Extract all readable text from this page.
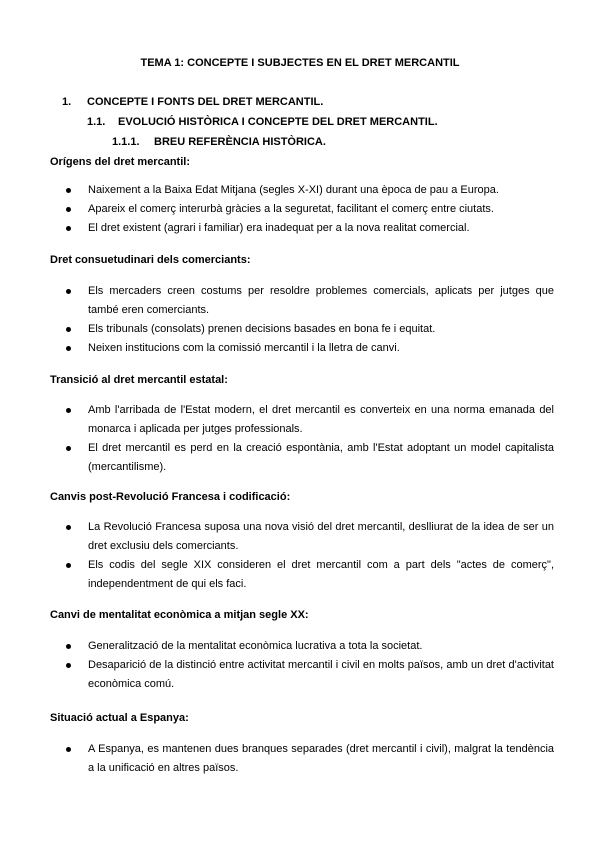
TEMA 1: CONCEPTE I SUBJECTES EN EL DRET MERCANTIL
1. CONCEPTE I FONTS DEL DRET MERCANTIL.
1.1. EVOLUCIÓ HISTÒRICA I CONCEPTE DEL DRET MERCANTIL.
1.1.1. BREU REFERÈNCIA HISTÒRICA.
Orígens del dret mercantil:
Naixement a la Baixa Edat Mitjana (segles X-XI) durant una època de pau a Europa.
Apareix el comerç interurbà gràcies a la seguretat, facilitant el comerç entre ciutats.
El dret existent (agrari i familiar) era inadequat per a la nova realitat comercial.
Dret consuetudinari dels comerciants:
Els mercaders creen costums per resoldre problemes comercials, aplicats per jutges que també eren comerciants.
Els tribunals (consolats) prenen decisions basades en bona fe i equitat.
Neixen institucions com la comissió mercantil i la lletra de canvi.
Transició al dret mercantil estatal:
Amb l'arribada de l'Estat modern, el dret mercantil es converteix en una norma emanada del monarca i aplicada per jutges professionals.
El dret mercantil es perd en la creació espontània, amb l'Estat adoptant un model capitalista (mercantilisme).
Canvis post-Revolució Francesa i codificació:
La Revolució Francesa suposa una nova visió del dret mercantil, deslliurat de la idea de ser un dret exclusiu dels comerciants.
Els codis del segle XIX consideren el dret mercantil com a part dels "actes de comerç", independentment de qui els faci.
Canvi de mentalitat econòmica a mitjan segle XX:
Generalització de la mentalitat econòmica lucrativa a tota la societat.
Desaparició de la distinció entre activitat mercantil i civil en molts països, amb un dret d'activitat econòmica comú.
Situació actual a Espanya:
A Espanya, es mantenen dues branques separades (dret mercantil i civil), malgrat la tendència a la unificació en altres països.
